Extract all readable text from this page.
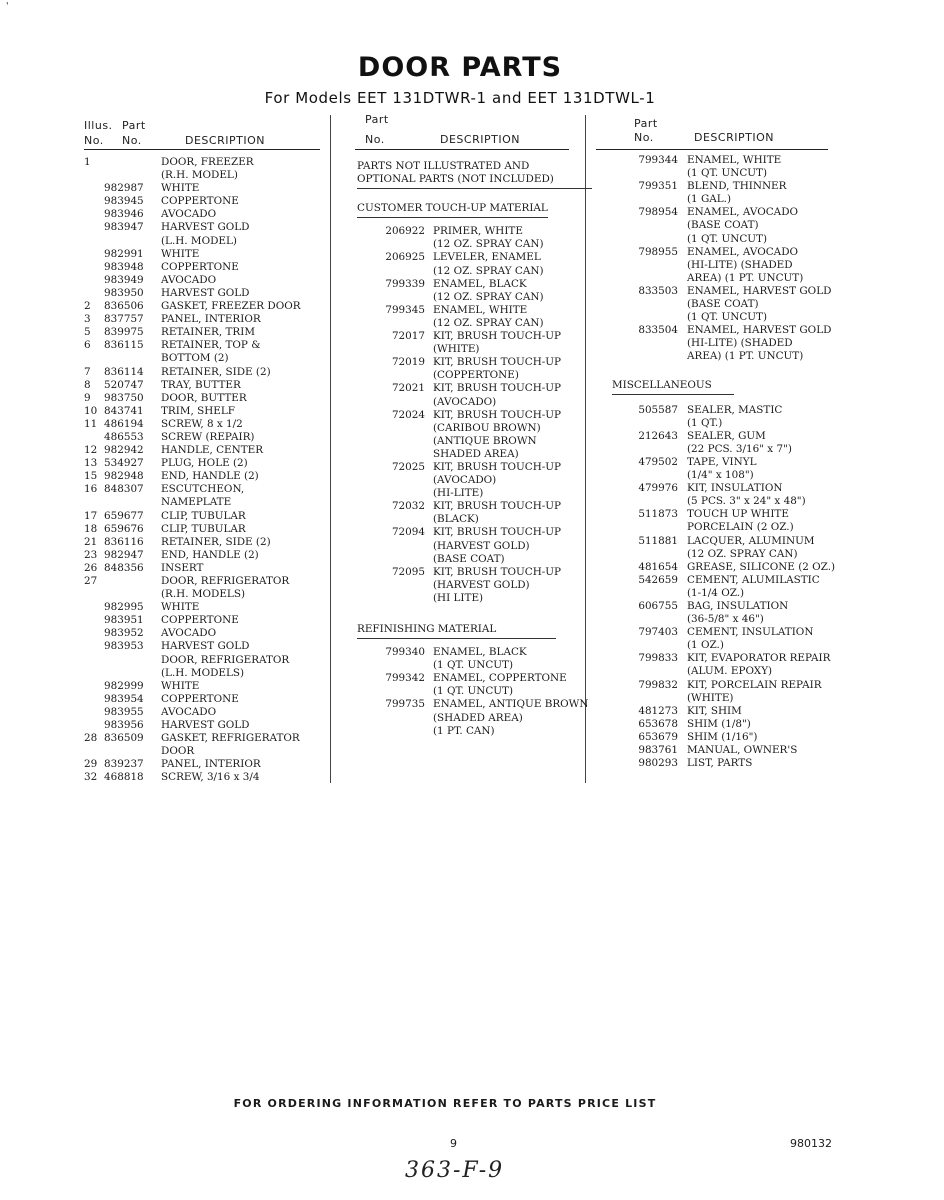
'
DOOR PARTS
For Models EET 131DTWR-1 and EET 131DTWL-1
Illus. Part
No. No.	DESCRIPTION
Part
No.	DESCRIPTION
Part
No.	DESCRIPTION
1	DOOR, FREEZER
(R.H. MODEL)
982987 WHITE
983945 COPPERTONE
983946 AVOCADO
983947 HARVEST GOLD
(L.H. MODEL)
982991 WHITE
983948 COPPERTONE
983949 AVOCADO
983950 HARVEST GOLD
2	836506 GASKET, FREEZER DOOR
3	837757 PANEL, INTERIOR
5	839975 RETAINER, TRIM
6	836115 RETAINER, TOP &
BOTTOM (2)
7	836114 RETAINER, SIDE (2)
8	520747 TRAY, BUTTER
9	983750 DOOR, BUTTER
10 843741 TRIM, SHELF
11 486194 SCREW, 8 x 1/2
486553 SCREW (REPAIR)
12 982942 HANDLE, CENTER
13 534927 PLUG, HOLE (2)
15 982948 END, HANDLE (2)
16 848307 ESCUTCHEON,
NAMEPLATE
17 659677 CLIP, TUBULAR
18 659676 CLIP, TUBULAR
21 836116 RETAINER, SIDE (2)
23 982947 END, HANDLE (2)
26 848356 INSERT
27	DOOR, REFRIGERATOR
(R.H. MODELS)
982995 WHITE
983951 COPPERTONE
983952 AVOCADO
983953 HARVEST GOLD
DOOR, REFRIGERATOR
(L.H. MODELS)
982999 WHITE
983954 COPPERTONE
983955 AVOCADO
983956 HARVEST GOLD
28 836509 GASKET, REFRIGERATOR
DOOR
29 839237 PANEL, INTERIOR
32 468818 SCREW, 3/16 x 3/4
PARTS NOT ILLUSTRATED AND
OPTIONAL PARTS (NOT INCLUDED)
CUSTOMER TOUCH-UP MATERIAL
206922 PRIMER, WHITE
(12 OZ. SPRAY CAN)
206925 LEVELER, ENAMEL
(12 OZ. SPRAY CAN)
799339 ENAMEL, BLACK
(12 OZ. SPRAY CAN)
799345 ENAMEL, WHITE
(12 OZ. SPRAY CAN)
72017 KIT, BRUSH TOUCH-UP
(WHITE)
72019 KIT, BRUSH TOUCH-UP
(COPPERTONE)
72021 KIT, BRUSH TOUCH-UP
(AVOCADO)
72024 KIT, BRUSH TOUCH-UP
(CARIBOU BROWN)
(ANTIQUE BROWN
SHADED AREA)
72025 KIT, BRUSH TOUCH-UP
(AVOCADO)
(HI-LITE)
72032 KIT, BRUSH TOUCH-UP
(BLACK)
72094 KIT, BRUSH TOUCH-UP
(HARVEST GOLD)
(BASE COAT)
72095 KIT, BRUSH TOUCH-UP
(HARVEST GOLD)
(HI LITE)
REFINISHING MATERIAL
799340 ENAMEL, BLACK
(1 QT. UNCUT)
799342 ENAMEL, COPPERTONE
(1 QT. UNCUT)
799735 ENAMEL, ANTIQUE BROWN
(SHADED AREA)
(1 PT. CAN)
799344 ENAMEL, WHITE
(1 QT. UNCUT)
799351 BLEND, THINNER
(1 GAL.)
798954 ENAMEL, AVOCADO
(BASE COAT)
(1 QT. UNCUT)
798955 ENAMEL, AVOCADO
(HI-LITE) (SHADED
AREA) (1 PT. UNCUT)
833503 ENAMEL, HARVEST GOLD
(BASE COAT)
(1 QT. UNCUT)
833504 ENAMEL, HARVEST GOLD
(HI-LITE) (SHADED
AREA) (1 PT. UNCUT)
MISCELLANEOUS
505587 SEALER, MASTIC
(1 QT.)
212643 SEALER, GUM
(22 PCS. 3/16" x 7")
479502 TAPE, VINYL
(1/4" x 108")
479976 KIT, INSULATION
(5 PCS. 3" x 24" x 48")
511873 TOUCH UP WHITE
PORCELAIN (2 OZ.)
511881 LACQUER, ALUMINUM
(12 OZ. SPRAY CAN)
481654 GREASE, SILICONE (2 OZ.)
542659 CEMENT, ALUMILASTIC
(1-1/4 OZ.)
606755 BAG, INSULATION
(36-5/8" x 46")
797403 CEMENT, INSULATION
(1 OZ.)
799833 KIT, EVAPORATOR REPAIR
(ALUM. EPOXY)
799832 KIT, PORCELAIN REPAIR
(WHITE)
481273 KIT, SHIM
653678 SHIM (1/8")
653679 SHIM (1/16")
983761 MANUAL, OWNER'S
980293 LIST, PARTS
FOR ORDERING INFORMATION REFER TO PARTS PRICE LIST
9	980132
363-F-9
